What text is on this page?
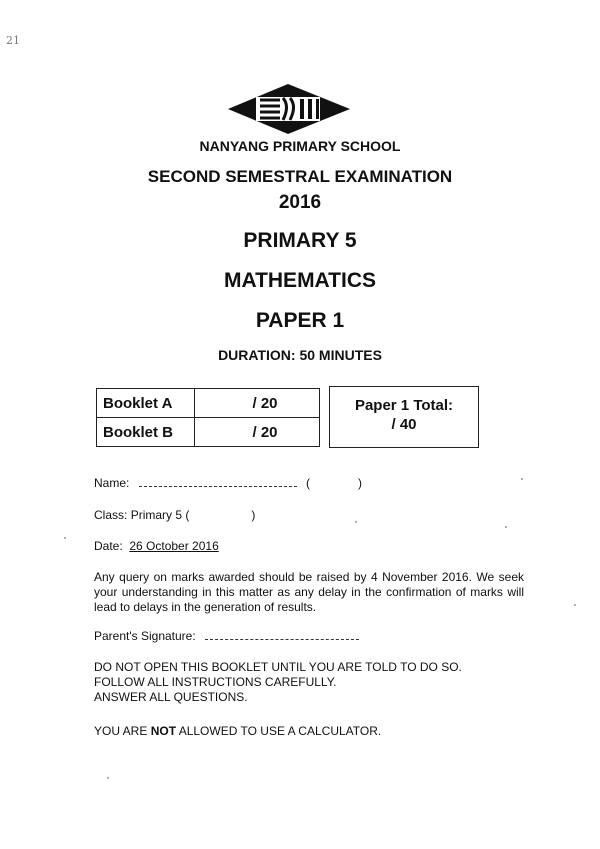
21
NANYANG PRIMARY SCHOOL
SECOND SEMESTRAL EXAMINATION
2016
PRIMARY 5
MATHEMATICS
PAPER 1
DURATION: 50 MINUTES
Booklet A	/ 20
Booklet B	/ 20
Paper 1 Total:
/ 40
Name:	(	)
Class: Primary 5 (	)
Date: 26 October 2016
Any query on marks awarded should be raised by 4 November 2016. We seek your understanding in this matter as any delay in the confirmation of marks will lead to delays in the generation of results.
Parent's Signature:
DO NOT OPEN THIS BOOKLET UNTIL YOU ARE TOLD TO DO SO.
FOLLOW ALL INSTRUCTIONS CAREFULLY.
ANSWER ALL QUESTIONS.
YOU ARE NOT ALLOWED TO USE A CALCULATOR.
